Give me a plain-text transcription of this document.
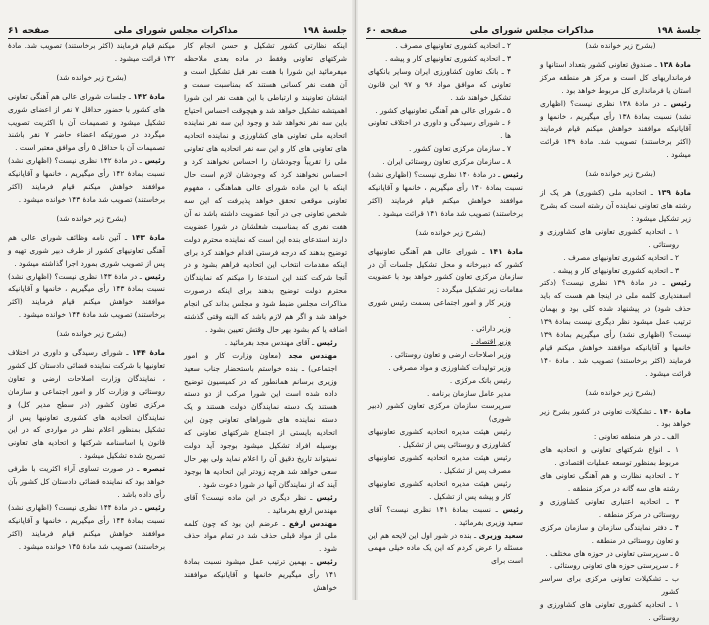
جلسهٔ ۱۹۸
مذاکرات مجلس شورای ملی
صفحه ۶۱

اینکه نظارتی کشور تشکیل و حسن انجام کار شرکتهای تعاونی وفقط در ماده بعدی ملاحظه میفرمائید این شورا با هفت نفر قبل تشکیل است و آن هفت نفر کسانی هستند که بمناسبت سمت و ابتشان تعاونیند و ارتباطی با این هفت نفر این شورا اهمیتشه تشکیل خواهد شد و هیچوقت احساس احتیاج باین سه نفر نخواهد شد و وجود این سه نفر نماینده اتحادیه ملی تعاونی های کشاورزی و نماینده اتحادیه های تعاونی های کار و این سه نفر اتحادیه های تعاونی ملی زا تقریباً وجودشان را احساس نخواهند کرد و احساس نخواهند کرد که وجودشان لازم است حال اینکه با این ماده شورای عالی هماهنگی ، مفهوم تعاونی موقعی تحقق خواهد پذیرفت که این سه شخص تعاونی جی در آنجا عضویت داشته باشد نه آن هفت نفری که بمناسبت شغلشان در شورا عضویت دارند استدعای بنده این است که نماینده محترم دولت توضیح بدهند که درجه فرستی اقدام خواهند کرد برای اینکه مقدمات انتخاب این اتحادیه فراهم بشود و در آنجا شرکت کنند این استدعا را میکنم که نمایندگان محترم دولت توضیح بدهند برای اینکه درصورت مذاکرات مجلس ضبط شود و مجلس بداند کی انجام خواهد شد و اگر هم لازم باشد که البته وقتی گذشته اضافه یا کم بشود بهر حال وقتش تعیین بشود .

رئیس ـ آقای مهندس مجد بفرمائید .

مهندس مجد (معاون وزارت کار و امور اجتماعی) ـ بنده خواستم باستحضار جناب سعید وزیری برسانم همانطور که در کمیسیون توضیح داده شده است این شورا مرکب از دو دسته هستند یک دسته نمایندگان دولت هستند و یک دسته نماینده های شوراهای تعاونی چون این اتحادیه بایستی از اجتماع شرکتهای تعاونی که بوسیله افراد تشکیل میشود بوجود آید دولت نمیتواند تاریخ دقیق آن را اعلام نماید ولی بهر حال سعی خواهد شد هرچه زودتر این اتحادیه ها بوجود آیند که از نمایندگان آنها در شورا دعوت شود .

رئیس ـ نظر دیگری در این ماده نیست؟ آقای مهندس ارفع بفرمائید .

مهندس ارفع ـ عرضم این بود که چون کلمه ملی از مواد قبلی حذف شد در تمام مواد حذف شود .

رئیس ـ بهمین ترتیب عمل میشود نسبت بمادهٔ ۱۴۱ رأی میگیریم خانمها و آقایانیکه موافقند خواهش

میکنم قیام فرمایند (اکثر برخاستند) تصویب شد. مادهٔ ۱۴۲ قرائت میشود .

(بشرح زیر خوانده شد)

مادهٔ ۱۴۲ ـ جلسات شورای عالی هم آهنگی تعاونی های کشور با حضور حداقل ۷ نفر از اعضای شوری تشکیل میشود و تصمیمات آن با اکثریت تصویب میگردد در صورتیکه اعضاء حاضر ۷ نفر باشند تصمیمات آن با حداقل ۵ رأی موافق معتبر است .

رئیس ـ در مادهٔ ۱۴۲ نظری نیست؟ (اظهاری نشد) نسبت بمادهٔ ۱۴۲ رأی میگیریم ، خانمها و آقایانیکه موافقند خواهش میکنم قیام فرمایند (اکثر برخاستند) تصویب شد مادهٔ ۱۴۳ خوانده میشود .

(بشرح زیر خوانده شد)

مادهٔ ۱۴۳ ـ آئین نامه وظائف شورای عالی هم آهنگی تعاونیهای کشور از طرف دبیر شوری تهیه و پس از تصویب شوری بمورد اجرا گذاشته میشود .

رئیس ـ در مادهٔ ۱۴۳ نظری نیست؟ (اظهاری نشد) نسبت بمادهٔ ۱۴۳ رأی میگیریم ، خانمها و آقایانیکه موافقند خواهش میکنم قیام فرمایند (اکثر برخاستند) تصویب شد مادهٔ ۱۴۴ خوانده میشود .

(بشرح زیر خوانده شد)

مادهٔ ۱۴۴ ـ شورای رسیدگی و داوری در اختلاف تعاونیها با شرکت نماینده قضائی دادستان کل کشور ، نمایندگان وزارت اصلاحات ارضی و تعاون روستائی و وزارت کار و امور اجتماعی و سازمان مرکزی تعاون کشور (در سطح مدیر کل) و نمایندگان اتحادیه های کشوری تعاونیها پس از تشکیل بمنظور اعلام نظر در مواردی که در این قانون یا اساسنامه شرکتها و اتحادیه های تعاونی تصریح شده تشکیل میشود .

تبصره ـ در صورت تساوی آراء اکثریت با طرفی خواهد بود که نماینده قضائی دادستان کل کشور بآن رأی داده باشد .

رئیس ـ در مادهٔ ۱۴۴ نظری نیست؟ (اظهاری نشد) نسبت بمادهٔ ۱۴۴ رأی میگیریم ، خانمها و آقایانیکه موافقند خواهش میکنم قیام فرمایند (اکثر برخاستند) تصویب شد مادهٔ ۱۴۵ خوانده میشود .

جلسهٔ ۱۹۸
مذاکرات مجلس شورای ملی
صفحه ۶۰

(بشرح زیر خوانده شد)

مادهٔ ۱۳۸ ـ صندوق تعاونی کشور بتعداد استانها و فرمانداریهای کل است و مرکز هر منطقه مرکز استان یا فرمانداری کل مربوط خواهد بود .

رئیس ـ در مادهٔ ۱۳۸ نظری نیست؟ (اظهاری نشد) نسبت بمادهٔ ۱۳۸ رأی میگیریم ، خانمها و آقایانیکه موافقند خواهش میکنم قیام فرمایند (اکثر برخاستند) تصویب شد. مادهٔ ۱۳۹ قرائت میشود .

(بشرح زیر خوانده شد)

مادهٔ ۱۳۹ ـ اتحادیه ملی (کشوری) هر یک از رشته های تعاونی نماینده آن رشته است که بشرح زیر تشکیل میشود :

۱ ـ اتحادیه کشوری تعاونی های کشاورزی و روستائی .

۲ ـ اتحادیه کشوری تعاونیهای مصرف .

۳ ـ اتحادیه کشوری تعاونیهای کار و پیشه .

رئیس ـ در مادهٔ ۱۳۹ نظری نیست؟ (دکتر اسفندیاری کلمه ملی در اینجا هم هست که باید حذف شود) در پیشنهاد شده کلی بود و بهمان ترتیب عمل میشود نظر دیگری نیست بمادهٔ ۱۳۹ نیست؟ (اظهاری نشد) رأی میگیریم بمادهٔ ۱۳۹ خانمها و آقایانیکه موافقند خواهش میکنم قیام فرمایند (اکثر برخاستند) تصویب شد . مادهٔ ۱۴۰ قرائت میشود .

(بشرح زیر خوانده شد)

مادهٔ ۱۴۰ ـ تشکیلات تعاونی در کشور بشرح زیر خواهد بود .

الف ـ در هر منطقه تعاونی :

۱ ـ انواع شرکتهای تعاونی و اتحادیه های مربوط بمنظور توسعه عملیات اقتصادی .

۲ ـ اتحادیه نظارت و هم آهنگی تعاونی های رشته های سه گانه در مرکز منطقه .

۳ ـ اتحادیه اعتباری تعاونی کشاورزی و روستائی در مرکز منطقه .

۴ ـ دفتر نمایندگی سازمان و سازمان مرکزی و تعاون روستائی در منطقه .

۵ ـ سرپرستی تعاونی در حوزه های مختلف .

۶ ـ سرپرستی حوزه های تعاونی روستائی .

ب ـ تشکیلات تعاونی مرکزی برای سراسر کشور

۱ ـ اتحادیه کشوری تعاونی های کشاورزی و روستائی .

۲ ـ اتحادیه کشوری تعاونیهای مصرف .

۳ ـ اتحادیه کشوری تعاونیهای کار و پیشه .

۴ ـ بانک تعاون کشاورزی ایران وسایر بانکهای تعاونی که موافق مواد ۹۶ و ۹۷ این قانون تشکیل خواهند شد .

۵ ـ شورای عالی هم آهنگی تعاونیهای کشور .

۶ ـ شورای رسیدگی و داوری در اختلاف تعاونی ها .

۷ ـ سازمان مرکزی تعاون کشور .

۸ ـ سازمان مرکزی تعاون روستائی ایران .

رئیس ـ در مادهٔ ۱۴۰ نظری نیست؟ (اظهاری نشد) نسبت بمادهٔ ۱۴۰ رأی میگیریم ، خانمها و آقایانیکه موافقند خواهش میکنم قیام فرمایند (اکثر برخاستند) تصویب شد مادهٔ ۱۴۱ قرائت میشود .

(بشرح زیر خوانده شد)

مادهٔ ۱۴۱ ـ شورای عالی هم آهنگی تعاونیهای کشور که دبیرخانه و محل تشکیل جلسات آن در سازمان مرکزی تعاون کشور خواهد بود با عضویت مقامات زیر تشکیل میگردد :

وزیر کار و امور اجتماعی بسمت رئیس شوری .

وزیر دارائی .

وزیر اقتصاد .

وزیر اصلاحات ارضی و تعاون روستائی .

وزیر تولیدات کشاورزی و مواد مصرفی .

رئیس بانک مرکزی .

مدیر عامل سازمان برنامه .

سرپرست سازمان مرکزی تعاون کشور (دبیر شوری)

رئیس هیئت مدیره اتحادیه کشوری تعاونیهای کشاورزی و روستائی پس از تشکیل .

رئیس هیئت مدیره اتحادیه کشوری تعاونیهای مصرف پس از تشکیل .

رئیس هیئت مدیره اتحادیه کشوری تعاونیهای کار و پیشه پس از تشکیل .

رئیس ـ نسبت بمادهٔ ۱۴۱ نظری نیست؟ آقای سعید وزیری بفرمائید .

سعید وزیری ـ بنده در شور اول این لایحه هم این مسئله را عرض کردم که این یک ماده خیلی مهمی است برای
